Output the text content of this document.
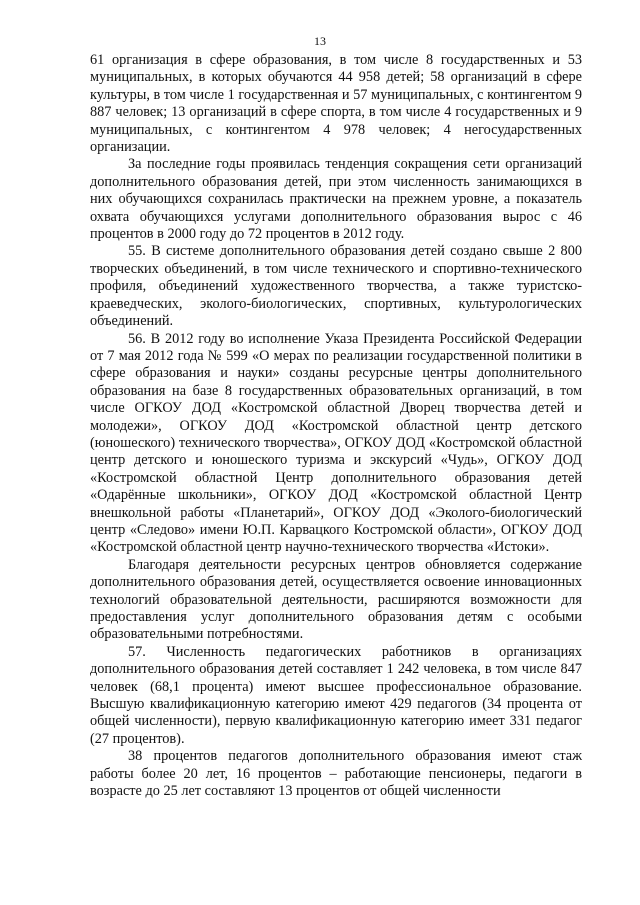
13

61 организация в сфере образования, в том числе 8 государственных и 53 муниципальных, в которых обучаются 44 958 детей; 58 организаций в сфере культуры, в том числе 1 государственная и 57 муниципальных, с контингентом 9 887 человек; 13 организаций в сфере спорта, в том числе 4 государственных и 9 муниципальных, с контингентом 4 978 человек; 4 негосударственных организации.

За последние годы проявилась тенденция сокращения сети организаций дополнительного образования детей, при этом численность занимающихся в них обучающихся сохранилась практически на прежнем уровне, а показатель охвата обучающихся услугами дополнительного образования вырос с 46 процентов в 2000 году до 72 процентов в 2012 году.

55. В системе дополнительного образования детей создано свыше 2 800 творческих объединений, в том числе технического и спортивно-технического профиля, объединений художественного творчества, а также туристско-краеведческих, эколого-биологических, спортивных, культурологических объединений.

56. В 2012 году во исполнение Указа Президента Российской Федерации от 7 мая 2012 года № 599 «О мерах по реализации государственной политики в сфере образования и науки» созданы ресурсные центры дополнительного образования на базе 8 государственных образовательных организаций, в том числе ОГКОУ ДОД «Костромской областной Дворец творчества детей и молодежи», ОГКОУ ДОД «Костромской областной центр детского (юношеского) технического творчества», ОГКОУ ДОД «Костромской областной центр детского и юношеского туризма и экскурсий «Чудь», ОГКОУ ДОД «Костромской областной Центр дополнительного образования детей «Одарённые школьники», ОГКОУ ДОД «Костромской областной Центр внешкольной работы «Планетарий», ОГКОУ ДОД «Эколого-биологический центр «Следово» имени Ю.П. Карвацкого Костромской области», ОГКОУ ДОД «Костромской областной центр научно-технического творчества «Истоки».

Благодаря деятельности ресурсных центров обновляется содержание дополнительного образования детей, осуществляется освоение инновационных технологий образовательной деятельности, расширяются возможности для предоставления услуг дополнительного образования детям с особыми образовательными потребностями.

57. Численность педагогических работников в организациях дополнительного образования детей составляет 1 242 человека, в том числе 847 человек (68,1 процента) имеют высшее профессиональное образование. Высшую квалификационную категорию имеют 429 педагогов (34 процента от общей численности), первую квалификационную категорию имеет 331 педагог (27 процентов).

38 процентов педагогов дополнительного образования имеют стаж работы более 20 лет, 16 процентов – работающие пенсионеры, педагоги в возрасте до 25 лет составляют 13 процентов от общей численности
